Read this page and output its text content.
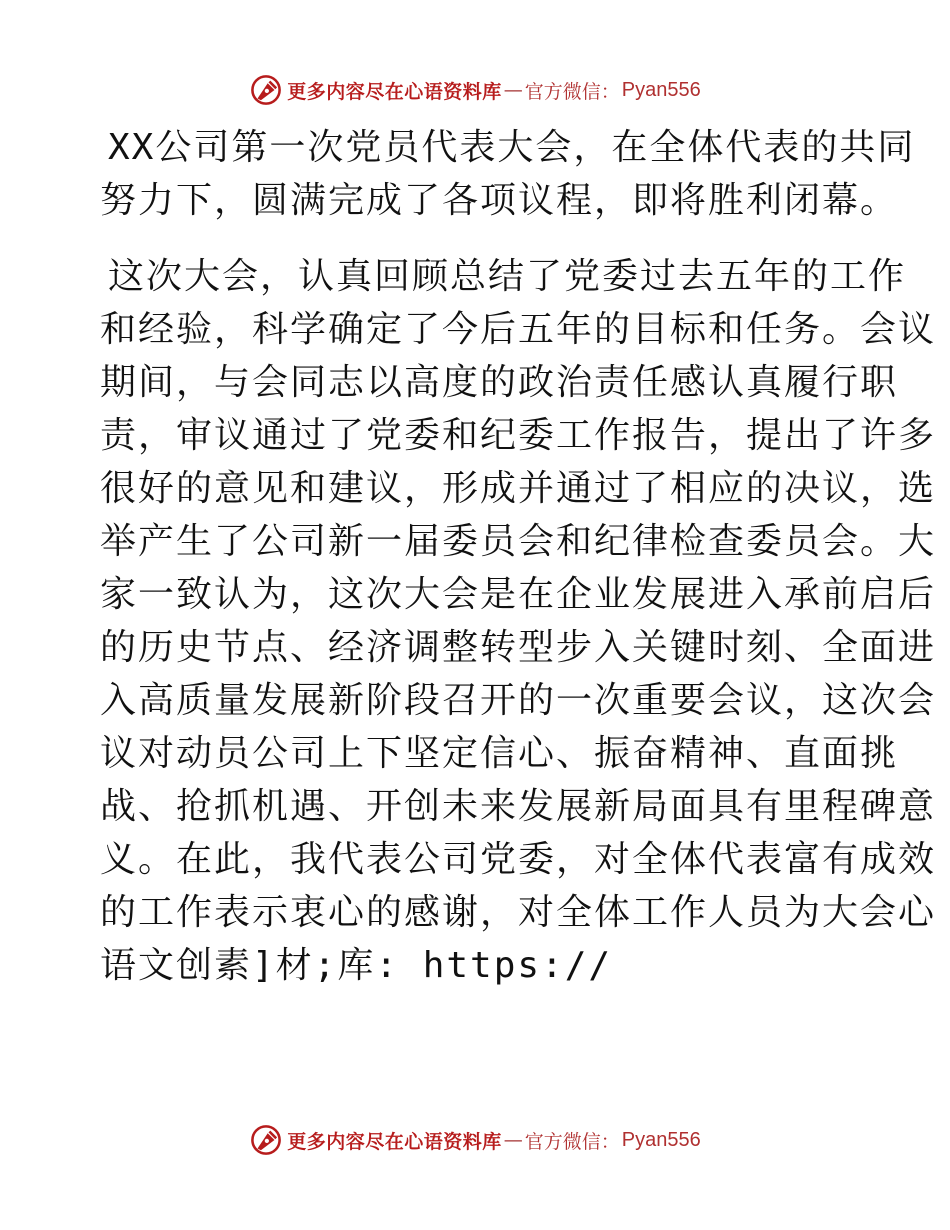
更多内容尽在心语资料库 — 官方微信： Pyan556
XX公司第一次党员代表大会，在全体代表的共同
努力下，圆满完成了各项议程，即将胜利闭幕。
这次大会，认真回顾总结了党委过去五年的工作
和经验，科学确定了今后五年的目标和任务。会议
期间，与会同志以高度的政治责任感认真履行职
责，审议通过了党委和纪委工作报告，提出了许多
很好的意见和建议，形成并通过了相应的决议，选
举产生了公司新一届委员会和纪律检查委员会。大
家一致认为，这次大会是在企业发展进入承前启后
的历史节点、经济调整转型步入关键时刻、全面进
入高质量发展新阶段召开的一次重要会议，这次会
议对动员公司上下坚定信心、振奋精神、直面挑
战、抢抓机遇、开创未来发展新局面具有里程碑意
义。在此，我代表公司党委，对全体代表富有成效
的工作表示衷心的感谢，对全体工作人员为大会心
语文创素]材;库: https://
更多内容尽在心语资料库 — 官方微信： Pyan556
